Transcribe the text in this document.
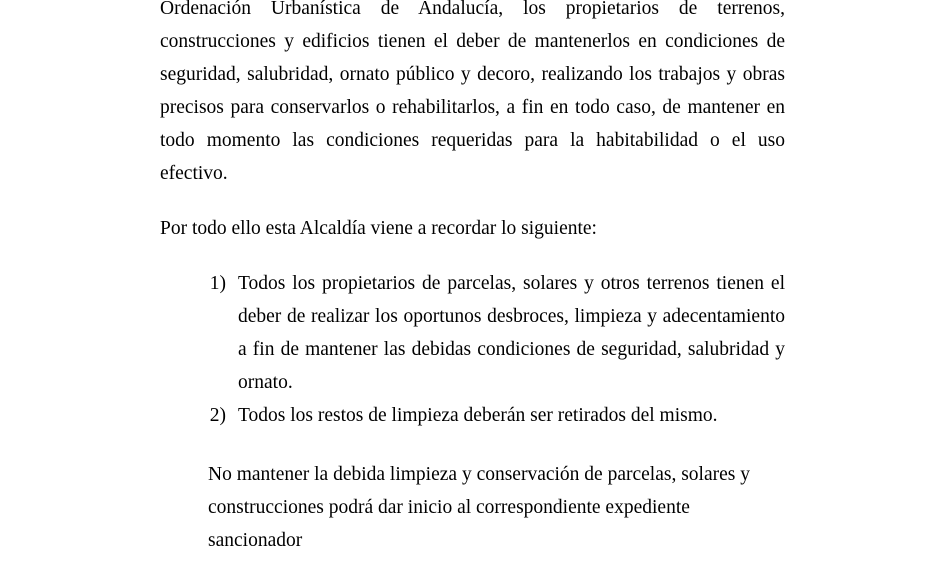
Ordenación Urbanística de Andalucía, los propietarios de terrenos, construcciones y edificios tienen el deber de mantenerlos en condiciones de seguridad, salubridad, ornato público y decoro, realizando los trabajos y obras precisos para conservarlos o rehabilitarlos, a fin en todo caso, de mantener en todo momento las condiciones requeridas para la habitabilidad o el uso efectivo.

Por todo ello esta Alcaldía viene a recordar lo siguiente:

1) Todos los propietarios de parcelas, solares y otros terrenos tienen el deber de realizar los oportunos desbroces, limpieza y adecentamiento a fin de mantener las debidas condiciones de seguridad, salubridad y ornato.
2) Todos los restos de limpieza deberán ser retirados del mismo.

No mantener la debida limpieza y conservación de parcelas, solares y

construcciones podrá dar inicio al correspondiente expediente sancionador
